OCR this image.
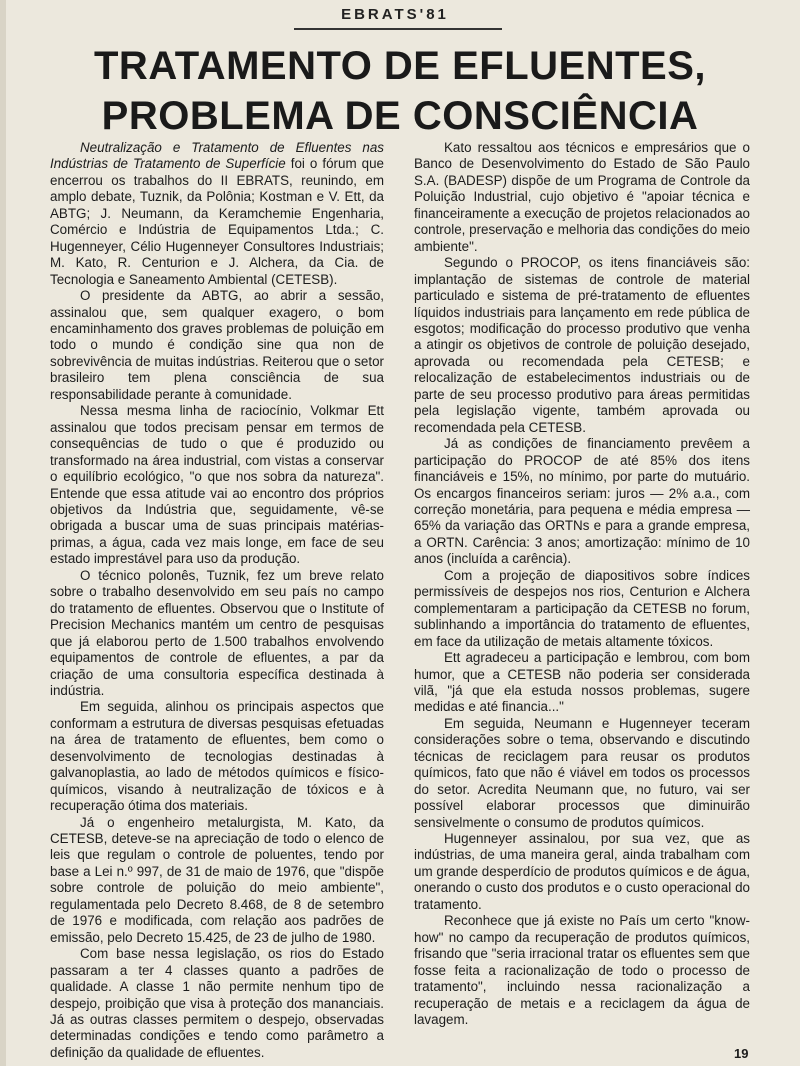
EBRATS'81
TRATAMENTO DE EFLUENTES,
PROBLEMA DE CONSCIÊNCIA

Neutralização e Tratamento de Efluentes nas Indústrias de Tratamento de Superfície foi o fórum que encerrou os trabalhos do II EBRATS, reunindo, em amplo debate, Tuznik, da Polônia; Kostman e V. Ett, da ABTG; J. Neumann, da Keramchemie Engenharia, Comércio e Indústria de Equipamentos Ltda.; C. Hugenneyer, Célio Hugenneyer Consultores Industriais; M. Kato, R. Centurion e J. Alchera, da Cia. de Tecnologia e Saneamento Ambiental (CETESB).

O presidente da ABTG, ao abrir a sessão, assinalou que, sem qualquer exagero, o bom encaminhamento dos graves problemas de poluição em todo o mundo é condição sine qua non de sobrevivência de muitas indústrias. Reiterou que o setor brasileiro tem plena consciência de sua responsabilidade perante à comunidade.

Nessa mesma linha de raciocínio, Volkmar Ett assinalou que todos precisam pensar em termos de consequências de tudo o que é produzido ou transformado na área industrial, com vistas a conservar o equilíbrio ecológico, "o que nos sobra da natureza". Entende que essa atitude vai ao encontro dos próprios objetivos da Indústria que, seguidamente, vê-se obrigada a buscar uma de suas principais matérias-primas, a água, cada vez mais longe, em face de seu estado imprestável para uso da produção.

O técnico polonês, Tuznik, fez um breve relato sobre o trabalho desenvolvido em seu país no campo do tratamento de efluentes. Observou que o Institute of Precision Mechanics mantém um centro de pesquisas que já elaborou perto de 1.500 trabalhos envolvendo equipamentos de controle de efluentes, a par da criação de uma consultoria específica destinada à indústria.

Em seguida, alinhou os principais aspectos que conformam a estrutura de diversas pesquisas efetuadas na área de tratamento de efluentes, bem como o desenvolvimento de tecnologias destinadas à galvanoplastia, ao lado de métodos químicos e físico-químicos, visando à neutralização de tóxicos e à recuperação ótima dos materiais.

Já o engenheiro metalurgista, M. Kato, da CETESB, deteve-se na apreciação de todo o elenco de leis que regulam o controle de poluentes, tendo por base a Lei n.º 997, de 31 de maio de 1976, que "dispõe sobre controle de poluição do meio ambiente", regulamentada pelo Decreto 8.468, de 8 de setembro de 1976 e modificada, com relação aos padrões de emissão, pelo Decreto 15.425, de 23 de julho de 1980.

Com base nessa legislação, os rios do Estado passaram a ter 4 classes quanto a padrões de qualidade. A classe 1 não permite nenhum tipo de despejo, proibição que visa à proteção dos mananciais. Já as outras classes permitem o despejo, observadas determinadas condições e tendo como parâmetro a definição da qualidade de efluentes.

Kato ressaltou aos técnicos e empresários que o Banco de Desenvolvimento do Estado de São Paulo S.A. (BADESP) dispõe de um Programa de Controle da Poluição Industrial, cujo objetivo é "apoiar técnica e financeiramente a execução de projetos relacionados ao controle, preservação e melhoria das condições do meio ambiente".

Segundo o PROCOP, os itens financiáveis são: implantação de sistemas de controle de material particulado e sistema de pré-tratamento de efluentes líquidos industriais para lançamento em rede pública de esgotos; modificação do processo produtivo que venha a atingir os objetivos de controle de poluição desejado, aprovada ou recomendada pela CETESB; e relocalização de estabelecimentos industriais ou de parte de seu processo produtivo para áreas permitidas pela legislação vigente, também aprovada ou recomendada pela CETESB.

Já as condições de financiamento prevêem a participação do PROCOP de até 85% dos itens financiáveis e 15%, no mínimo, por parte do mutuário. Os encargos financeiros seriam: juros — 2% a.a., com correção monetária, para pequena e média empresa — 65% da variação das ORTNs e para a grande empresa, a ORTN. Carência: 3 anos; amortização: mínimo de 10 anos (incluída a carência).

Com a projeção de diapositivos sobre índices permissíveis de despejos nos rios, Centurion e Alchera complementaram a participação da CETESB no forum, sublinhando a importância do tratamento de efluentes, em face da utilização de metais altamente tóxicos.

Ett agradeceu a participação e lembrou, com bom humor, que a CETESB não poderia ser considerada vilã, "já que ela estuda nossos problemas, sugere medidas e até financia..."

Em seguida, Neumann e Hugenneyer teceram considerações sobre o tema, observando e discutindo técnicas de reciclagem para reusar os produtos químicos, fato que não é viável em todos os processos do setor. Acredita Neumann que, no futuro, vai ser possível elaborar processos que diminuirão sensivelmente o consumo de produtos químicos.

Hugenneyer assinalou, por sua vez, que as indústrias, de uma maneira geral, ainda trabalham com um grande desperdício de produtos químicos e de água, onerando o custo dos produtos e o custo operacional do tratamento.

Reconhece que já existe no País um certo "know-how" no campo da recuperação de produtos químicos, frisando que "seria irracional tratar os efluentes sem que fosse feita a racionalização de todo o processo de tratamento", incluindo nessa racionalização a recuperação de metais e a reciclagem da água de lavagem.

19
